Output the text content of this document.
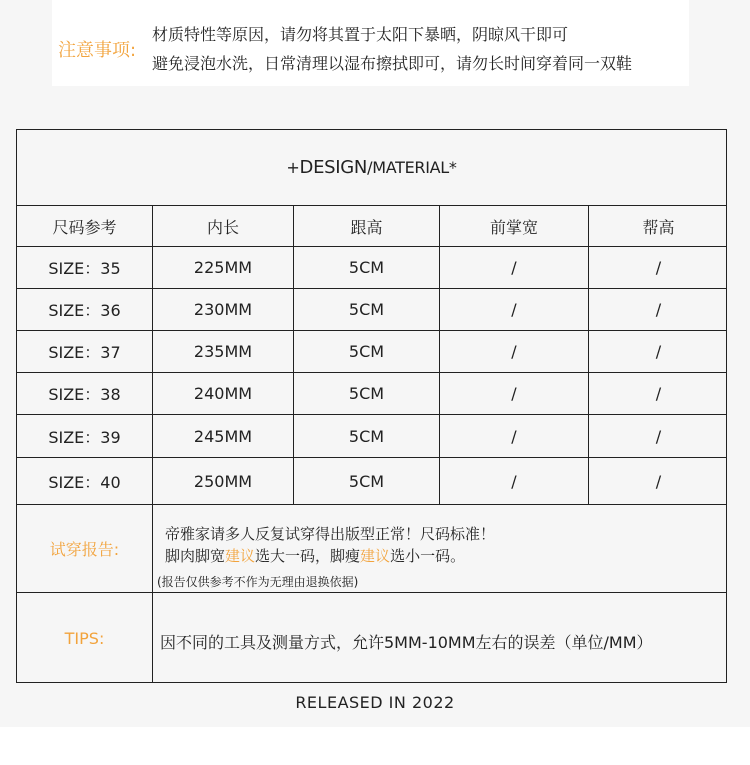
注意事项:
材质特性等原因，请勿将其置于太阳下暴晒，阴晾风干即可
避免浸泡水洗，日常清理以湿布擦拭即可，请勿长时间穿着同一双鞋
+ DESIGN /MATERIAL*
尺码参考	内长	跟高	前掌宽	帮高
SIZE：35	225MM	5CM	/	/
SIZE：36	230MM	5CM	/	/
SIZE：37	235MM	5CM	/	/
SIZE：38	240MM	5CM	/	/
SIZE：39	245MM	5CM	/	/
SIZE：40	250MM	5CM	/	/
试穿报告:
帝雅家请多人反复试穿得出版型正常！尺码标准！
脚肉脚宽建议选大一码，脚瘦建议选小一码。
(报告仅供参考不作为无理由退换依据)
TIPS:	因不同的工具及测量方式，允许5MM-10MM左右的误差（单位/MM）
RELEASED IN 2022
